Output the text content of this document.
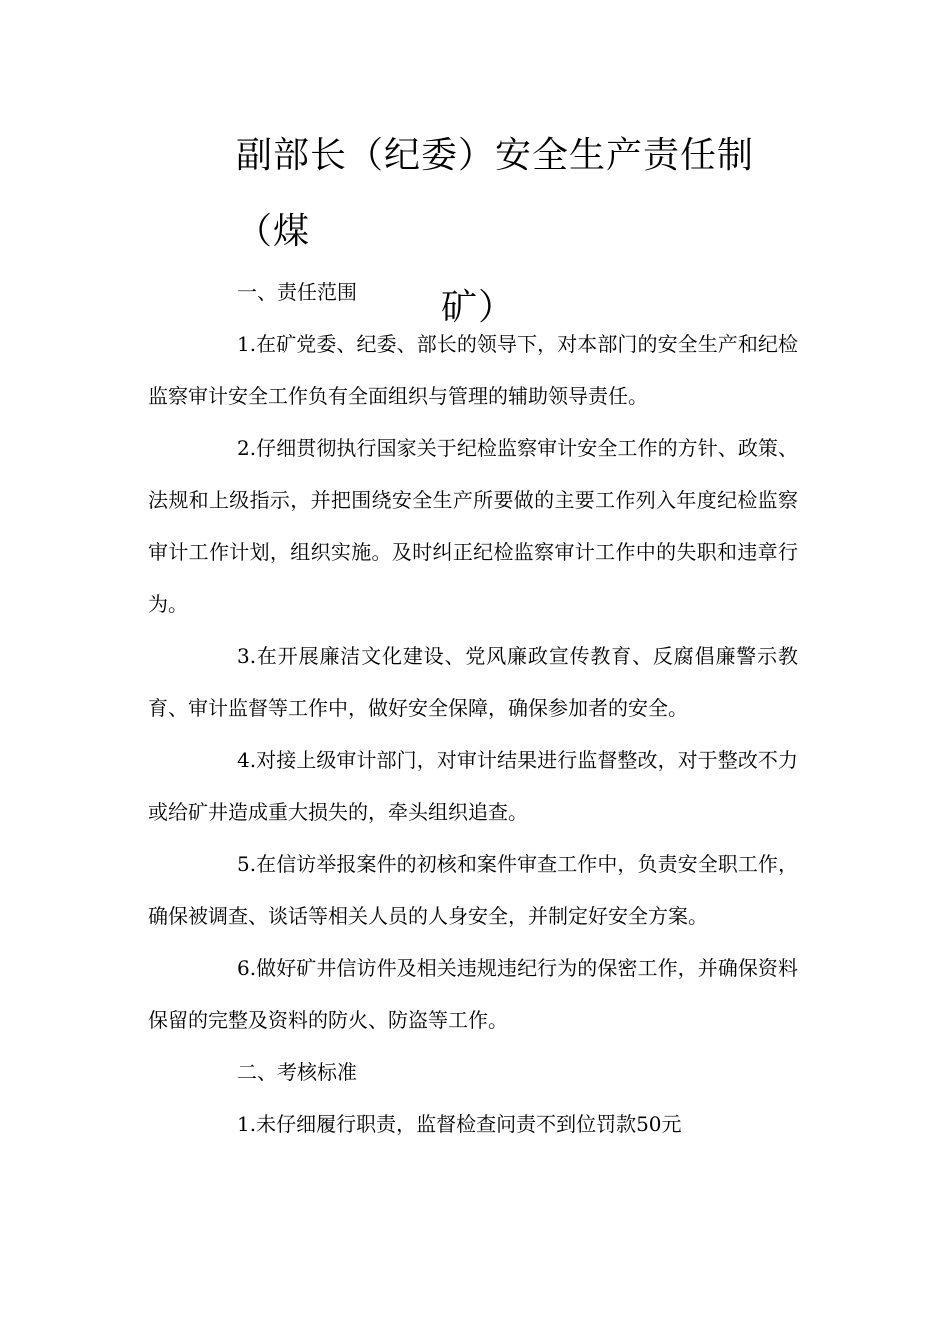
副部长（纪委）安全生产责任制（煤
矿）

一、责任范围

1.在矿党委、纪委、部长的领导下，对本部门的安全生产和纪检监察审计安全工作负有全面组织与管理的辅助领导责任。

2.仔细贯彻执行国家关于纪检监察审计安全工作的方针、政策、法规和上级指示，并把围绕安全生产所要做的主要工作列入年度纪检监察审计工作计划，组织实施。及时纠正纪检监察审计工作中的失职和违章行为。

3.在开展廉洁文化建设、党风廉政宣传教育、反腐倡廉警示教育、审计监督等工作中，做好安全保障，确保参加者的安全。

4.对接上级审计部门，对审计结果进行监督整改，对于整改不力或给矿井造成重大损失的，牵头组织追查。

5.在信访举报案件的初核和案件审查工作中，负责安全职工作，确保被调查、谈话等相关人员的人身安全，并制定好安全方案。

6.做好矿井信访件及相关违规违纪行为的保密工作，并确保资料保留的完整及资料的防火、防盗等工作。

二、考核标准

1.未仔细履行职责，监督检查问责不到位罚款50元
